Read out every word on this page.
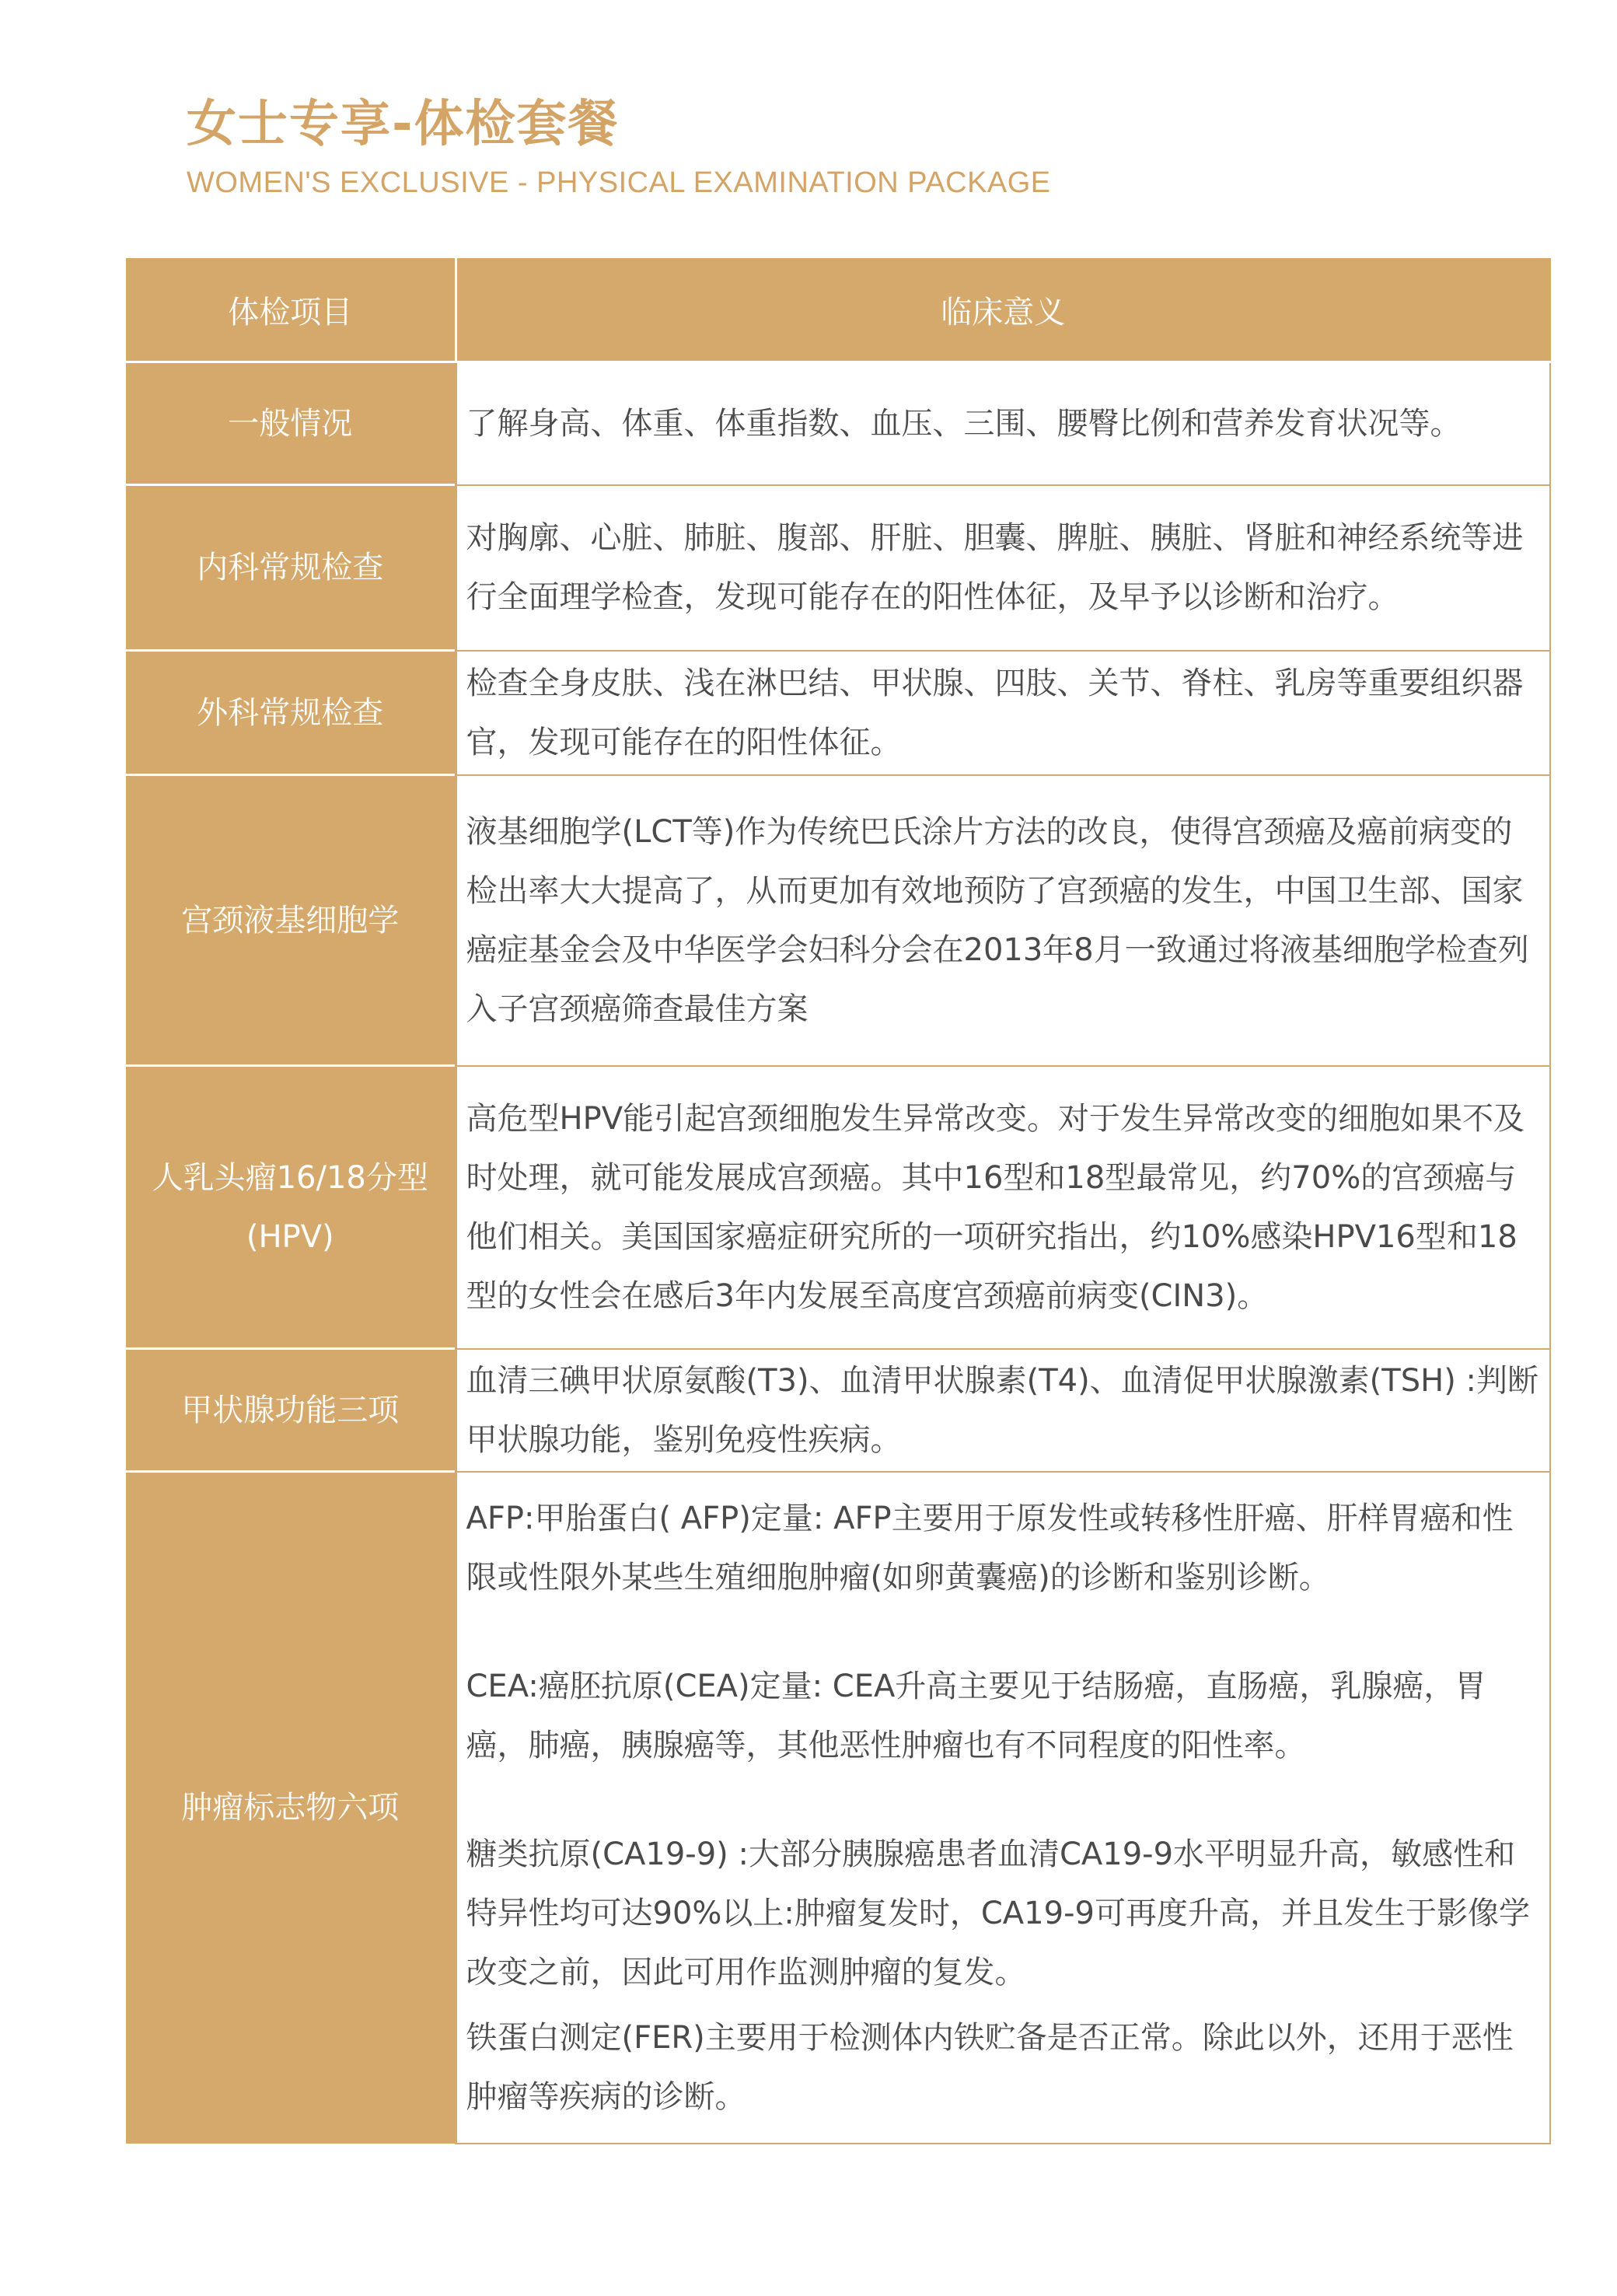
女士专享-体检套餐
WOMEN'S EXCLUSIVE - PHYSICAL EXAMINATION PACKAGE
体检项目	临床意义
一般情况	了解身高、体重、体重指数、血压、三围、腰臀比例和营养发育状况等。

内科常规检查	对胸廓、心脏、肺脏、腹部、肝脏、胆囊、脾脏、胰脏、肾脏和神经系统等进行全面理学检查，发现可能存在的阳性体征，及早予以诊断和治疗。

外科常规检查	检查全身皮肤、浅在淋巴结、甲状腺、四肢、关节、脊柱、乳房等重要组织器官，发现可能存在的阳性体征。

宫颈液基细胞学	液基细胞学(LCT等)作为传统巴氏涂片方法的改良，使得宫颈癌及癌前病变的检出率大大提高了，从而更加有效地预防了宫颈癌的发生，中国卫生部、国家癌症基金会及中华医学会妇科分会在2013年8月一致通过将液基细胞学检查列入子宫颈癌筛查最佳方案

人乳头瘤16/18分型
(HPV)	高危型HPV能引起宫颈细胞发生异常改变。对于发生异常改变的细胞如果不及时处理，就可能发展成宫颈癌。其中16型和18型最常见，约70%的宫颈癌与他们相关。美国国家癌症研究所的一项研究指出，约10%感染HPV16型和18型的女性会在感后3年内发展至高度宫颈癌前病变(CIN3)。

甲状腺功能三项	血清三碘甲状原氨酸(T3)、血清甲状腺素(T4)、血清促甲状腺激素(TSH) :判断甲状腺功能，鉴别免疫性疾病。

肿瘤标志物六项	AFP:甲胎蛋白( AFP)定量: AFP主要用于原发性或转移性肝癌、肝样胃癌和性限或性限外某些生殖细胞肿瘤(如卵黄囊癌)的诊断和鉴别诊断。
CEA:癌胚抗原(CEA)定量: CEA升高主要见于结肠癌，直肠癌，乳腺癌，胃癌，肺癌，胰腺癌等，其他恶性肿瘤也有不同程度的阳性率。
糖类抗原(CA19-9) :大部分胰腺癌患者血清CA19-9水平明显升高，敏感性和特异性均可达90%以上:肿瘤复发时，CA19-9可再度升高，并且发生于影像学改变之前，因此可用作监测肿瘤的复发。
铁蛋白测定(FER)主要用于检测体内铁贮备是否正常。除此以外，还用于恶性肿瘤等疾病的诊断。
